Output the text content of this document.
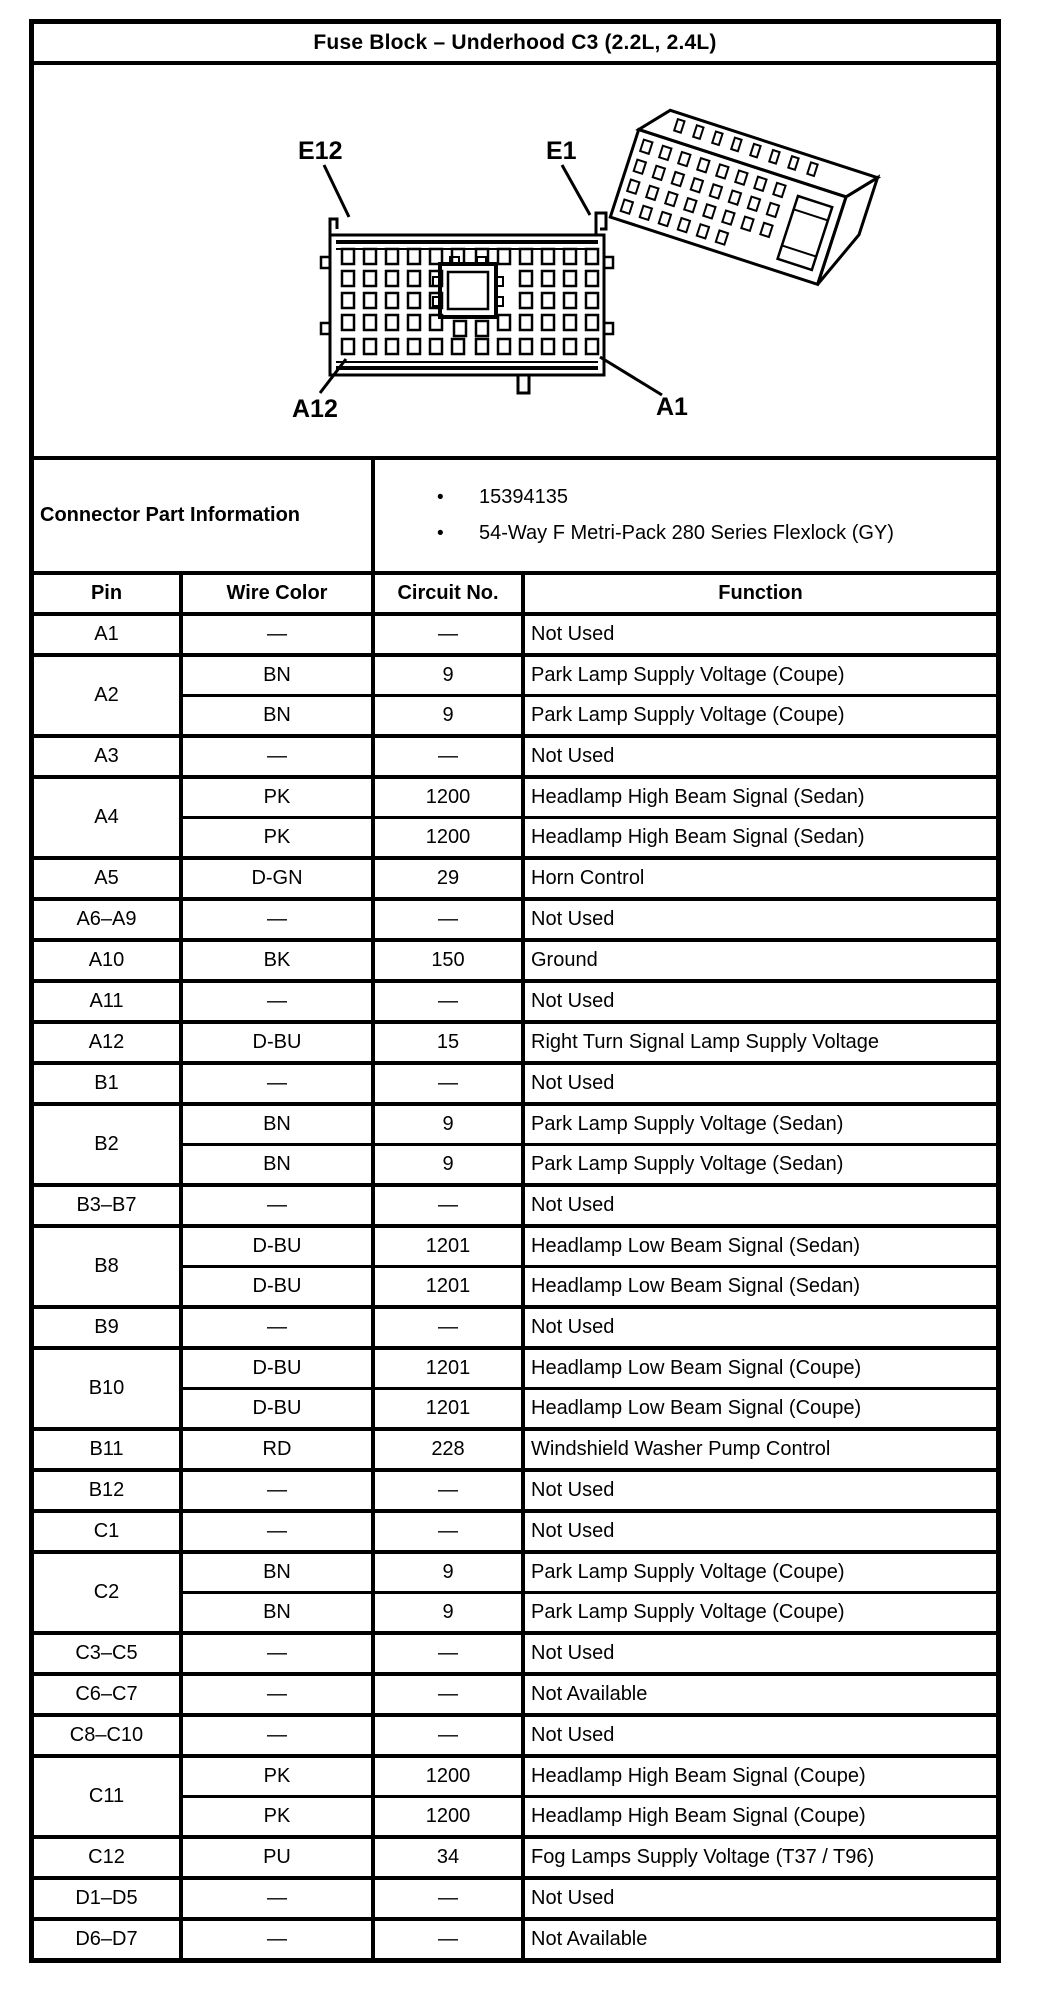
Fuse Block – Underhood C3 (2.2L, 2.4L)
E12	E1
A12	A1
Connector Part Information
•	15394135
•	54-Way F Metri-Pack 280 Series Flexlock (GY)
Pin	Wire Color	Circuit No.	Function
A1	—	—	Not Used
A2	BN	9	Park Lamp Supply Voltage (Coupe)
	BN	9	Park Lamp Supply Voltage (Coupe)
A3	—	—	Not Used
A4	PK	1200	Headlamp High Beam Signal (Sedan)
	PK	1200	Headlamp High Beam Signal (Sedan)
A5	D-GN	29	Horn Control
A6–A9	—	—	Not Used
A10	BK	150	Ground
A11	—	—	Not Used
A12	D-BU	15	Right Turn Signal Lamp Supply Voltage
B1	—	—	Not Used
B2	BN	9	Park Lamp Supply Voltage (Sedan)
	BN	9	Park Lamp Supply Voltage (Sedan)
B3–B7	—	—	Not Used
B8	D-BU	1201	Headlamp Low Beam Signal (Sedan)
	D-BU	1201	Headlamp Low Beam Signal (Sedan)
B9	—	—	Not Used
B10	D-BU	1201	Headlamp Low Beam Signal (Coupe)
	D-BU	1201	Headlamp Low Beam Signal (Coupe)
B11	RD	228	Windshield Washer Pump Control
B12	—	—	Not Used
C1	—	—	Not Used
C2	BN	9	Park Lamp Supply Voltage (Coupe)
	BN	9	Park Lamp Supply Voltage (Coupe)
C3–C5	—	—	Not Used
C6–C7	—	—	Not Available
C8–C10	—	—	Not Used
C11	PK	1200	Headlamp High Beam Signal (Coupe)
	PK	1200	Headlamp High Beam Signal (Coupe)
C12	PU	34	Fog Lamps Supply Voltage (T37 / T96)
D1–D5	—	—	Not Used
D6–D7	—	—	Not Available
